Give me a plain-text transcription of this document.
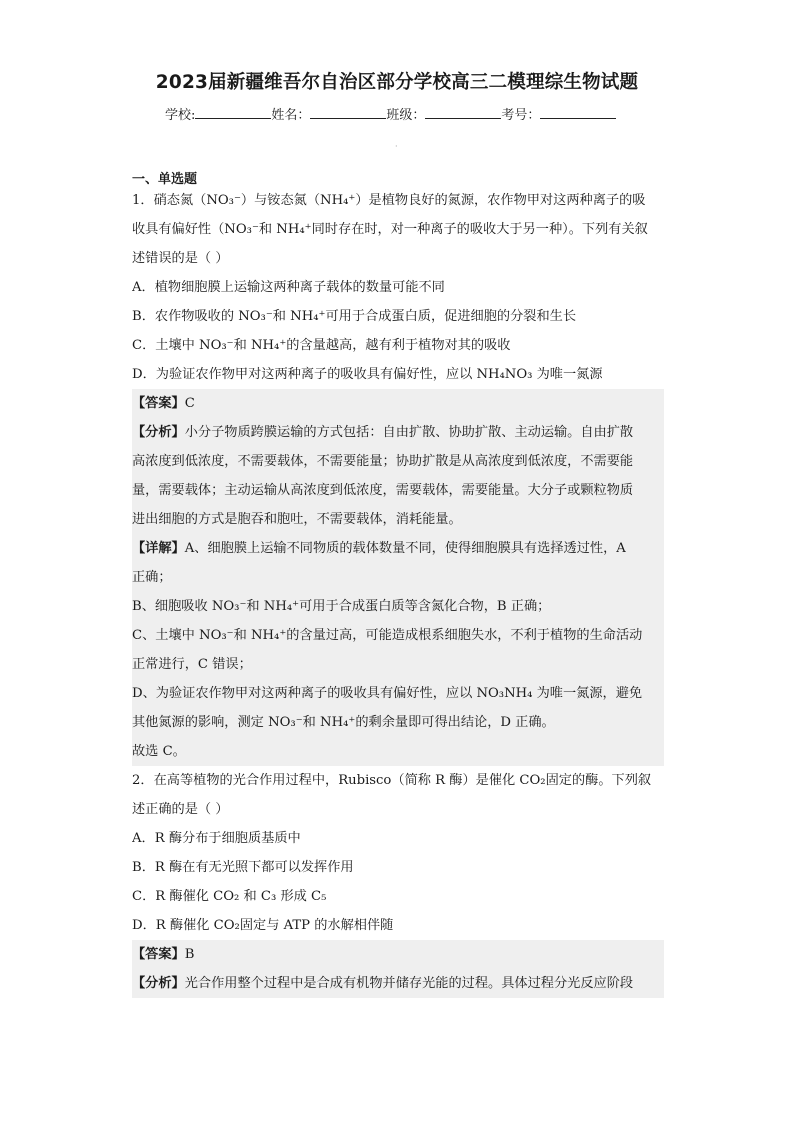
2023届新疆维吾尔自治区部分学校高三二模理综生物试题
学校:	姓名：	班级：	考号：
·
一、单选题
1．硝态氮（NO₃⁻）与铵态氮（NH₄⁺）是植物良好的氮源，农作物甲对这两种离子的吸
收具有偏好性（NO₃⁻和 NH₄⁺同时存在时，对一种离子的吸收大于另一种）。下列有关叙
述错误的是（ ）
A．植物细胞膜上运输这两种离子载体的数量可能不同
B．农作物吸收的 NO₃⁻和 NH₄⁺可用于合成蛋白质，促进细胞的分裂和生长
C．土壤中 NO₃⁻和 NH₄⁺的含量越高，越有利于植物对其的吸收
D．为验证农作物甲对这两种离子的吸收具有偏好性，应以 NH₄NO₃ 为唯一氮源
【答案】C
【分析】小分子物质跨膜运输的方式包括：自由扩散、协助扩散、主动运输。自由扩散
高浓度到低浓度，不需要载体，不需要能量；协助扩散是从高浓度到低浓度，不需要能
量，需要载体；主动运输从高浓度到低浓度，需要载体，需要能量。大分子或颗粒物质
进出细胞的方式是胞吞和胞吐，不需要载体，消耗能量。
【详解】A、细胞膜上运输不同物质的载体数量不同，使得细胞膜具有选择透过性，A
正确；
B、细胞吸收 NO₃⁻和 NH₄⁺可用于合成蛋白质等含氮化合物，B 正确；
C、土壤中 NO₃⁻和 NH₄⁺的含量过高，可能造成根系细胞失水，不利于植物的生命活动
正常进行，C 错误；
D、为验证农作物甲对这两种离子的吸收具有偏好性，应以 NO₃NH₄ 为唯一氮源，避免
其他氮源的影响，测定 NO₃⁻和 NH₄⁺的剩余量即可得出结论，D 正确。
故选 C。
2．在高等植物的光合作用过程中，Rubisco（简称 R 酶）是催化 CO₂固定的酶。下列叙
述正确的是（ ）
A．R 酶分布于细胞质基质中
B．R 酶在有无光照下都可以发挥作用
C．R 酶催化 CO₂ 和 C₃ 形成 C₅
D．R 酶催化 CO₂固定与 ATP 的水解相伴随
【答案】B
【分析】光合作用整个过程中是合成有机物并储存光能的过程。具体过程分光反应阶段
